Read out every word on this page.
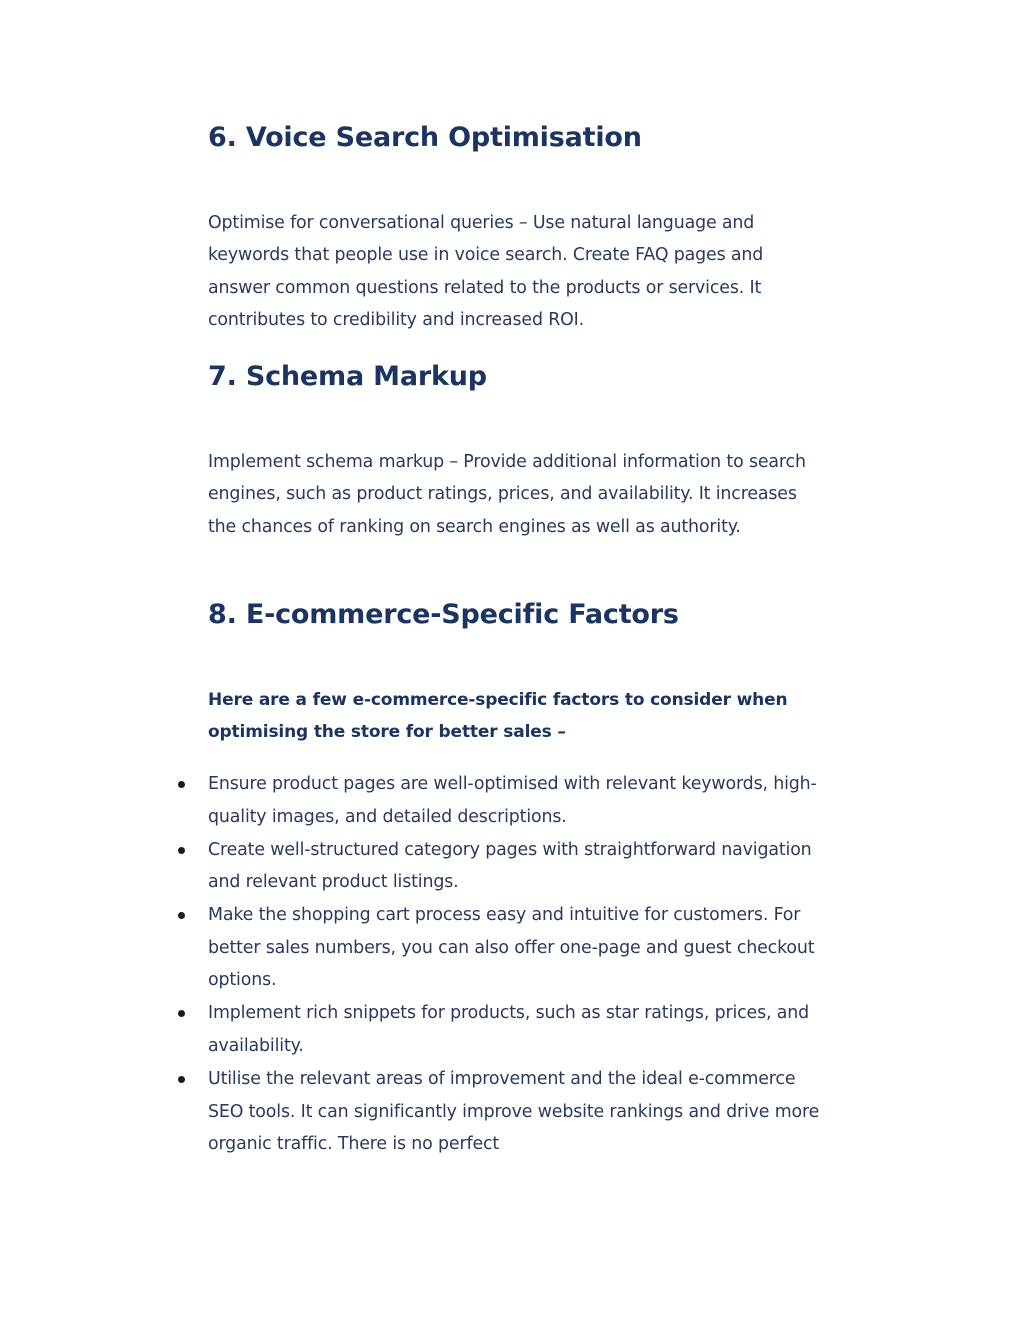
6. Voice Search Optimisation

Optimise for conversational queries – Use natural language and keywords that people use in voice search. Create FAQ pages and answer common questions related to the products or services. It contributes to credibility and increased ROI.

7. Schema Markup

Implement schema markup – Provide additional information to search engines, such as product ratings, prices, and availability. It increases the chances of ranking on search engines as well as authority.

8. E-commerce-Specific Factors

Here are a few e-commerce-specific factors to consider when optimising the store for better sales –

Ensure product pages are well-optimised with relevant keywords, high-quality images, and detailed descriptions.
Create well-structured category pages with straightforward navigation and relevant product listings.
Make the shopping cart process easy and intuitive for customers. For better sales numbers, you can also offer one-page and guest checkout options.
Implement rich snippets for products, such as star ratings, prices, and availability.
Utilise the relevant areas of improvement and the ideal e-commerce SEO tools. It can significantly improve website rankings and drive more organic traffic. There is no perfect
